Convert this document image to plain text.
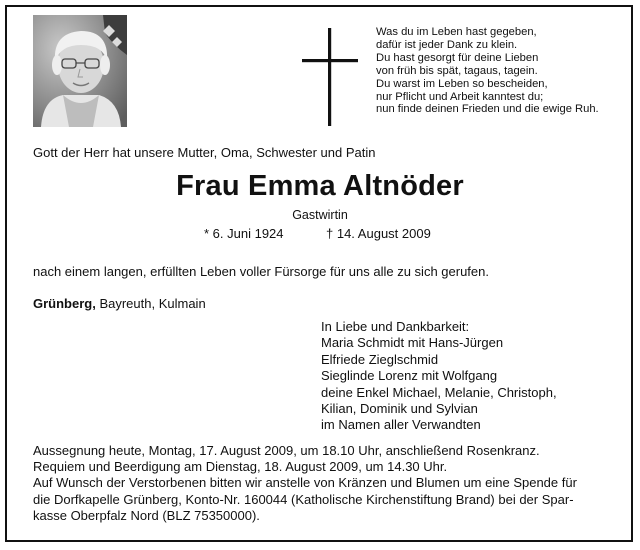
Was du im Leben hast gegeben,
dafür ist jeder Dank zu klein.
Du hast gesorgt für deine Lieben
von früh bis spät, tagaus, tagein.
Du warst im Leben so bescheiden,
nur Pflicht und Arbeit kanntest du;
nun finde deinen Frieden und die ewige Ruh.
Gott der Herr hat unsere Mutter, Oma, Schwester und Patin
Frau Emma Altnöder
Gastwirtin
* 6. Juni 1924	† 14. August 2009
nach einem langen, erfüllten Leben voller Fürsorge für uns alle zu sich gerufen.
Grünberg, Bayreuth, Kulmain
In Liebe und Dankbarkeit:
Maria Schmidt mit Hans-Jürgen
Elfriede Zieglschmid
Sieglinde Lorenz mit Wolfgang
deine Enkel Michael, Melanie, Christoph,
Kilian, Dominik und Sylvian
im Namen aller Verwandten
Aussegnung heute, Montag, 17. August 2009, um 18.10 Uhr, anschließend Rosenkranz.
Requiem und Beerdigung am Dienstag, 18. August 2009, um 14.30 Uhr.
Auf Wunsch der Verstorbenen bitten wir anstelle von Kränzen und Blumen um eine Spende für
die Dorfkapelle Grünberg, Konto-Nr. 160044 (Katholische Kirchenstiftung Brand) bei der Spar-
kasse Oberpfalz Nord (BLZ 75350000).
